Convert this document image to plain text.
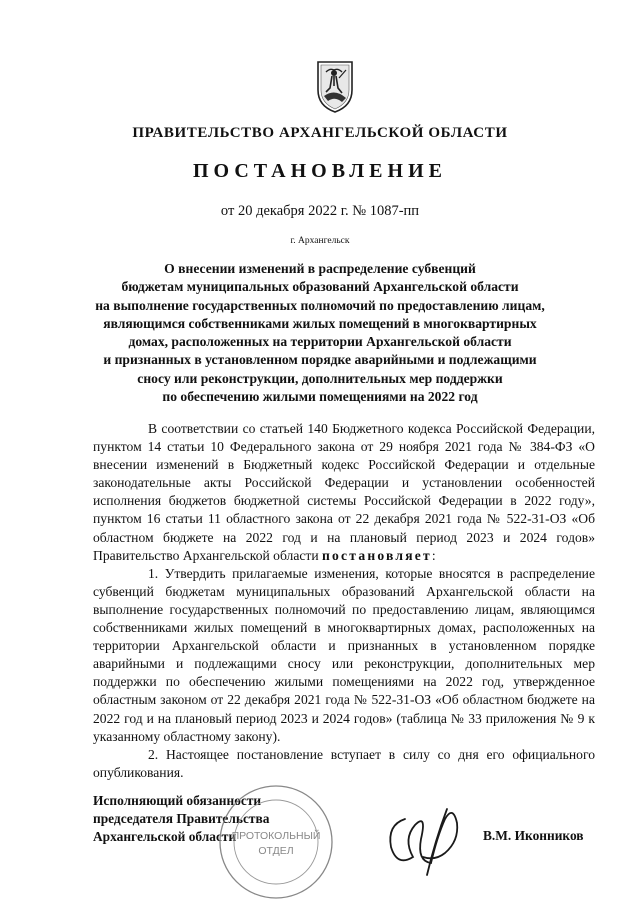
ПРАВИТЕЛЬСТВО АРХАНГЕЛЬСКОЙ ОБЛАСТИ
ПОСТАНОВЛЕНИЕ
от 20 декабря 2022 г. № 1087-пп
г. Архангельск
О внесении изменений в распределение субвенций
бюджетам муниципальных образований Архангельской области
на выполнение государственных полномочий по предоставлению лицам,
являющимся собственниками жилых помещений в многоквартирных
домах, расположенных на территории Архангельской области
и признанных в установленном порядке аварийными и подлежащими
сносу или реконструкции, дополнительных мер поддержки
по обеспечению жилыми помещениями на 2022 год

В соответствии со статьей 140 Бюджетного кодекса Российской Федерации, пунктом 14 статьи 10 Федерального закона от 29 ноября 2021 года № 384-ФЗ «О внесении изменений в Бюджетный кодекс Российской Федерации и отдельные законодательные акты Российской Федерации и установлении особенностей исполнения бюджетов бюджетной системы Российской Федерации в 2022 году», пунктом 16 статьи 11 областного закона от 22 декабря 2021 года № 522-31-ОЗ «Об областном бюджете на 2022 год и на плановый период 2023 и 2024 годов» Правительство Архангельской области постановляет:

1. Утвердить прилагаемые изменения, которые вносятся в распределение субвенций бюджетам муниципальных образований Архангельской области на выполнение государственных полномочий по предоставлению лицам, являющимся собственниками жилых помещений в многоквартирных домах, расположенных на территории Архангельской области и признанных в установленном порядке аварийными и подлежащими сносу или реконструкции, дополнительных мер поддержки по обеспечению жилыми помещениями на 2022 год, утвержденное областным законом от 22 декабря 2021 года № 522-31-ОЗ «Об областном бюджете на 2022 год и на плановый период 2023 и 2024 годов» (таблица № 33 приложения № 9 к указанному областному закону).

2. Настоящее постановление вступает в силу со дня его официального опубликования.

Исполняющий обязанности
председателя Правительства
Архангельской области
ПРОТОКОЛЬНЫЙ
ОТДЕЛ
В.М. Иконников
